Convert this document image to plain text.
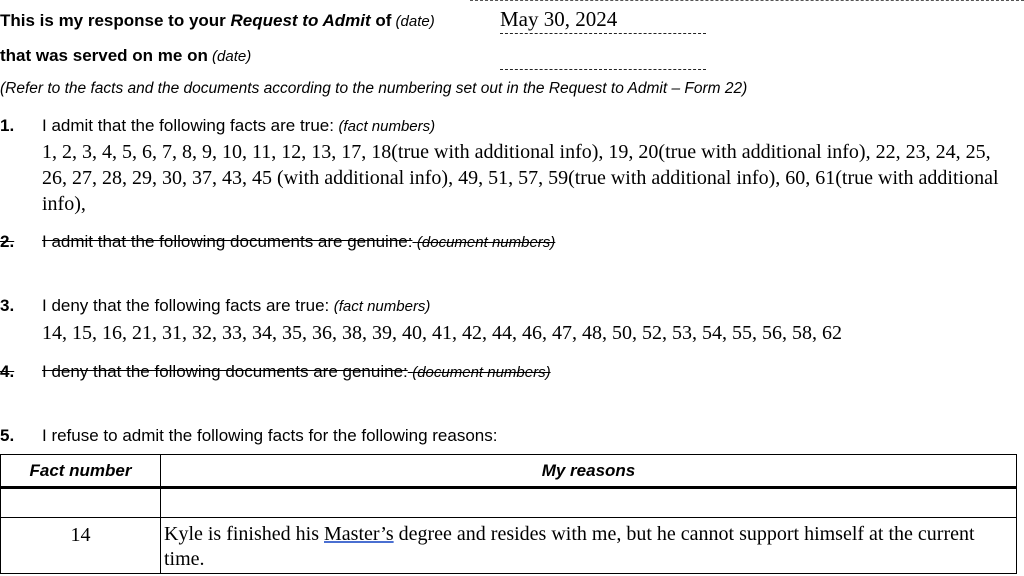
This is my response to your Request to Admit of (date)	May 30, 2024
that was served on me on (date)
(Refer to the facts and the documents according to the numbering set out in the Request to Admit – Form 22)
1. I admit that the following facts are true: (fact numbers)
1, 2, 3, 4, 5, 6, 7, 8, 9, 10, 11, 12, 13, 17, 18(true with additional info), 19, 20(true with additional info), 22, 23, 24, 25, 26, 27, 28, 29, 30, 37, 43, 45 (with additional info), 49, 51, 57, 59(true with additional info), 60, 61(true with additional info),
2. I admit that the following documents are genuine: (document numbers)
3. I deny that the following facts are true: (fact numbers)
14, 15, 16, 21, 31, 32, 33, 34, 35, 36, 38, 39, 40, 41, 42, 44, 46, 47, 48, 50, 52, 53, 54, 55, 56, 58, 62
4. I deny that the following documents are genuine: (document numbers)
5. I refuse to admit the following facts for the following reasons:
Fact number	My reasons

14	Kyle is finished his Master’s degree and resides with me, but he cannot support himself at the current time.
